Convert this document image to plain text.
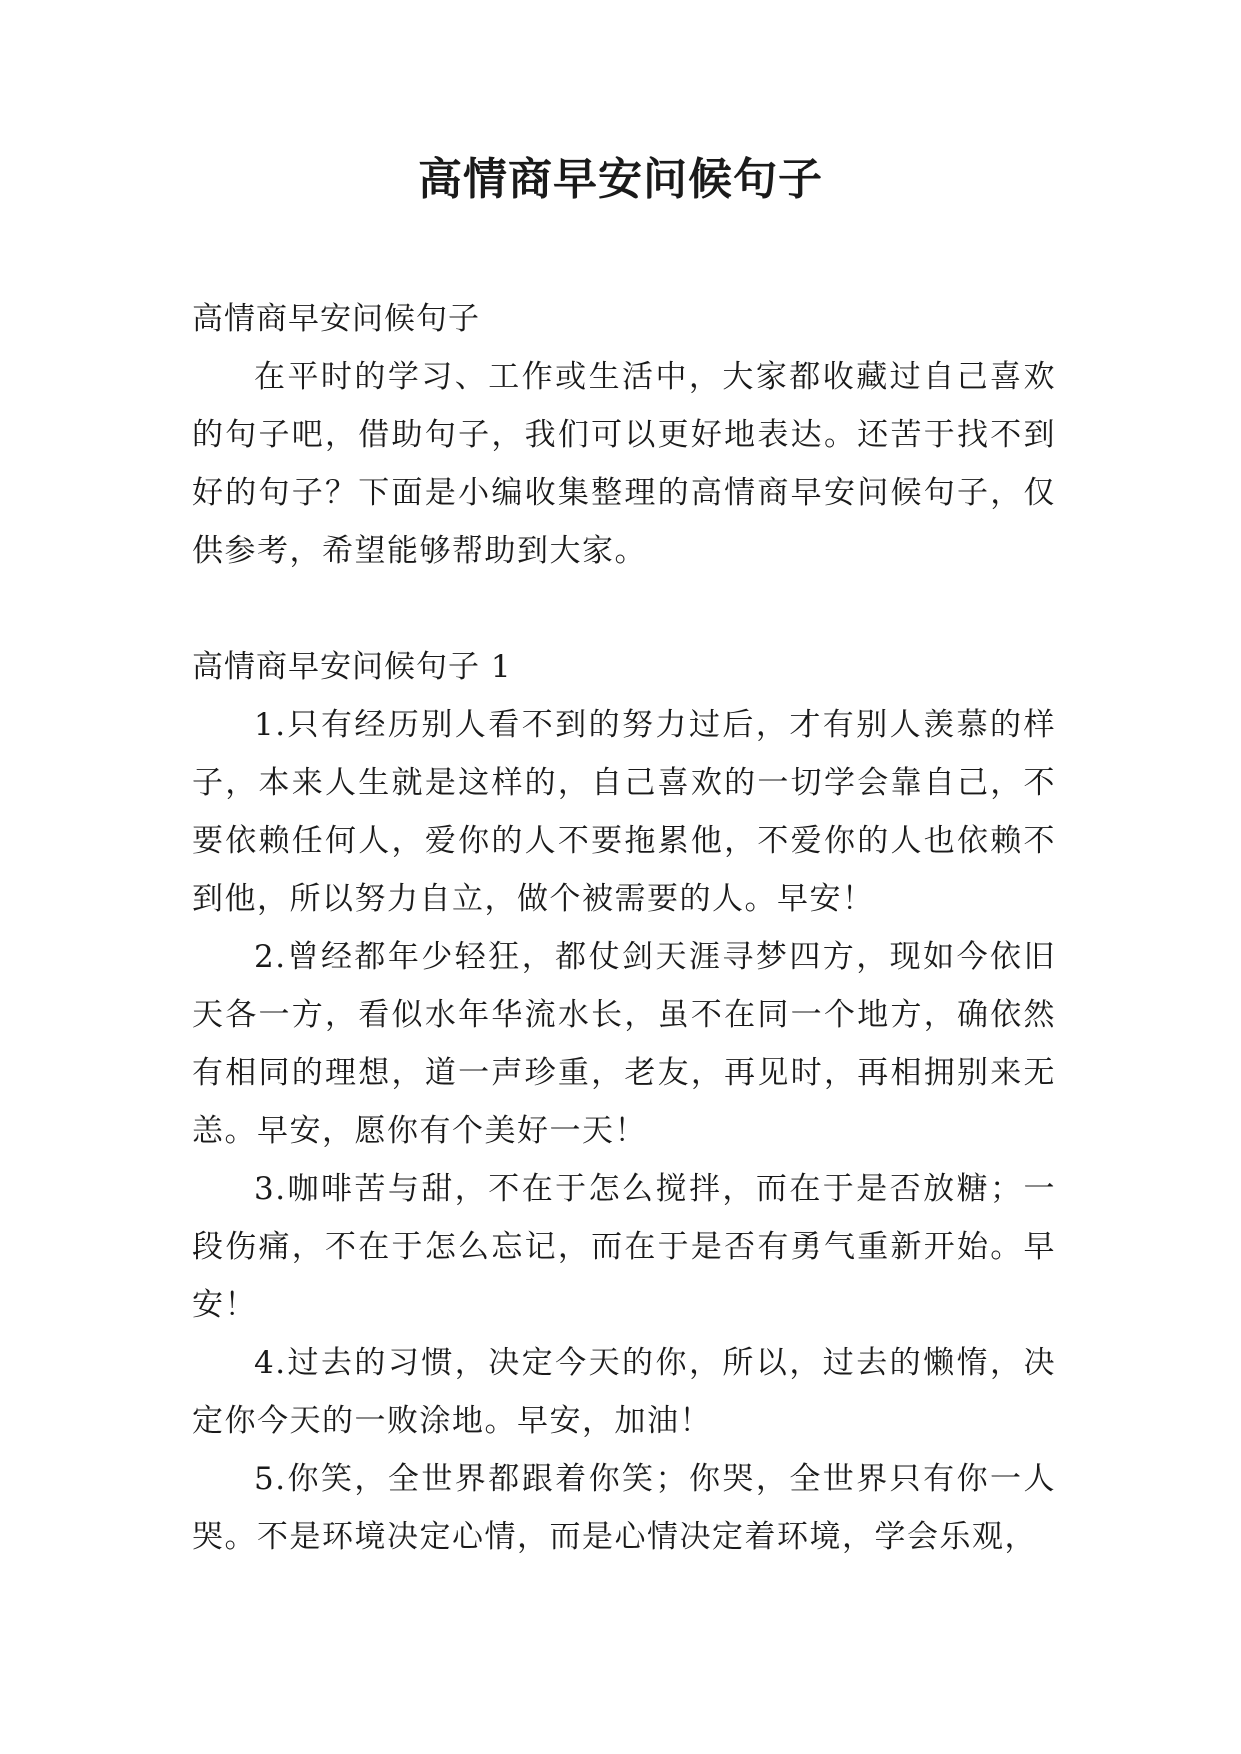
高情商早安问候句子

高情商早安问候句子

在平时的学习、工作或生活中，大家都收藏过自己喜欢的句子吧，借助句子，我们可以更好地表达。还苦于找不到好的句子？下面是小编收集整理的高情商早安问候句子，仅供参考，希望能够帮助到大家。

高情商早安问候句子 1

1.只有经历别人看不到的努力过后，才有别人羡慕的样子，本来人生就是这样的，自己喜欢的一切学会靠自己，不要依赖任何人，爱你的人不要拖累他，不爱你的人也依赖不到他，所以努力自立，做个被需要的人。早安！

2.曾经都年少轻狂，都仗剑天涯寻梦四方，现如今依旧天各一方，看似水年华流水长，虽不在同一个地方，确依然有相同的理想，道一声珍重，老友，再见时，再相拥别来无恙。早安，愿你有个美好一天！

3.咖啡苦与甜，不在于怎么搅拌，而在于是否放糖；一段伤痛，不在于怎么忘记，而在于是否有勇气重新开始。早安！

4.过去的习惯，决定今天的你，所以，过去的懒惰，决定你今天的一败涂地。早安，加油！

5.你笑，全世界都跟着你笑；你哭，全世界只有你一人哭。不是环境决定心情，而是心情决定着环境，学会乐观，
